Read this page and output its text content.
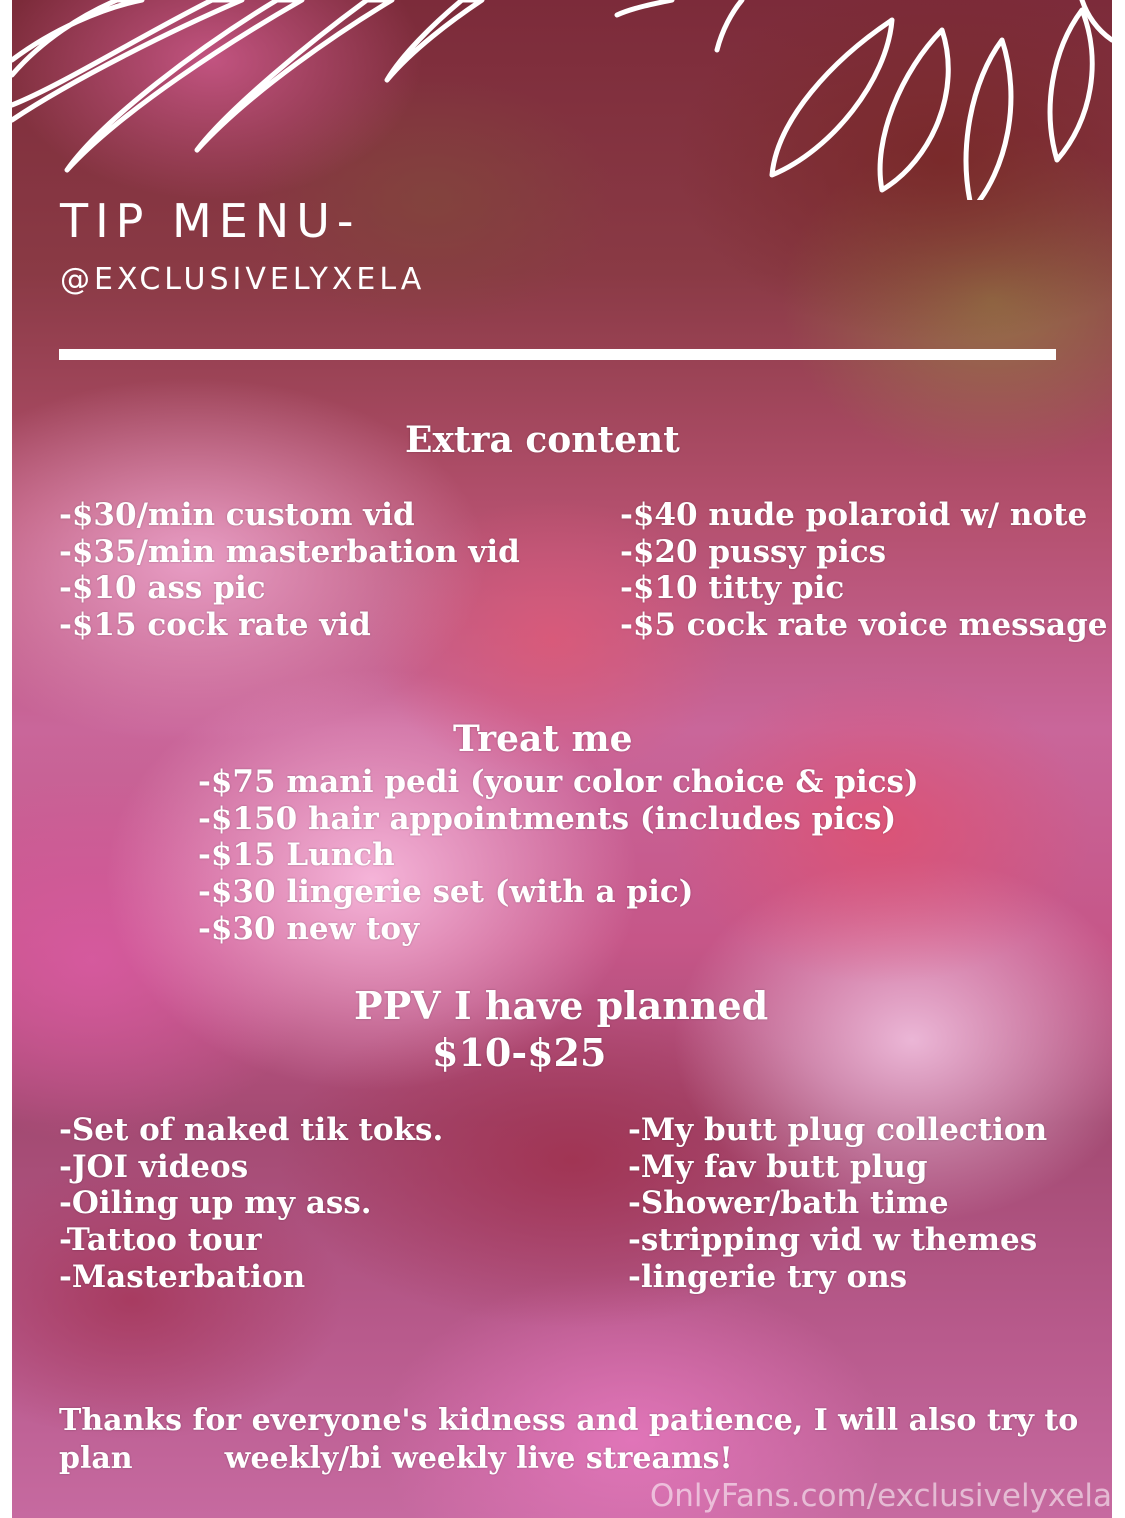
TIP MENU-

@EXCLUSIVELYXELA

Extra content
-$30/min custom vid
-$35/min masterbation vid
-$10 ass pic
-$15 cock rate vid
-$40 nude polaroid w/ note
-$20 pussy pics
-$10 titty pic
-$5 cock rate voice message
Treat me
-$75 mani pedi (your color choice & pics)
-$150 hair appointments (includes pics)
-$15 Lunch
-$30 lingerie set (with a pic)
-$30 new toy
PPV I have planned

$10-$25

-Set of naked tik toks.
-JOI videos
-Oiling up my ass.
-Tattoo tour
-Masterbation
-My butt plug collection
-My fav butt plug
-Shower/bath time
-stripping vid w themes
-lingerie try ons

Thanks for everyone's kidness and patience, I will also try to
plan	weekly/bi weekly live streams!

OnlyFans.com/exclusivelyxela
